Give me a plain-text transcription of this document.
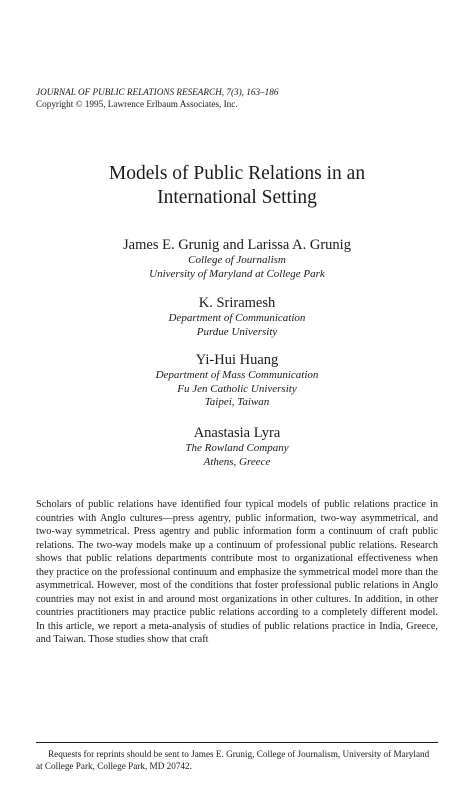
JOURNAL OF PUBLIC RELATIONS RESEARCH, 7(3), 163–186
Copyright © 1995, Lawrence Erlbaum Associates, Inc.
Models of Public Relations in an
International Setting
James E. Grunig and Larissa A. Grunig
College of Journalism
University of Maryland at College Park
K. Sriramesh
Department of Communication
Purdue University
Yi-Hui Huang
Department of Mass Communication
Fu Jen Catholic University
Taipei, Taiwan
Anastasia Lyra
The Rowland Company
Athens, Greece
Scholars of public relations have identified four typical models of public relations practice in countries with Anglo cultures—press agentry, public information, two-way asymmetrical, and two-way symmetrical. Press agentry and public information form a continuum of craft public relations. The two-way models make up a continuum of professional public relations. Research shows that public relations departments contribute most to organizational effectiveness when they practice on the professional continuum and emphasize the symmetrical model more than the asymmetrical. However, most of the conditions that foster professional public relations in Anglo countries may not exist in and around most organizations in other cultures. In addition, in other countries practitioners may practice public relations according to a completely different model. In this article, we report a meta-analysis of studies of public relations practice in India, Greece, and Taiwan. Those studies show that craft
Requests for reprints should be sent to James E. Grunig, College of Journalism, University of Maryland at College Park, College Park, MD 20742.
